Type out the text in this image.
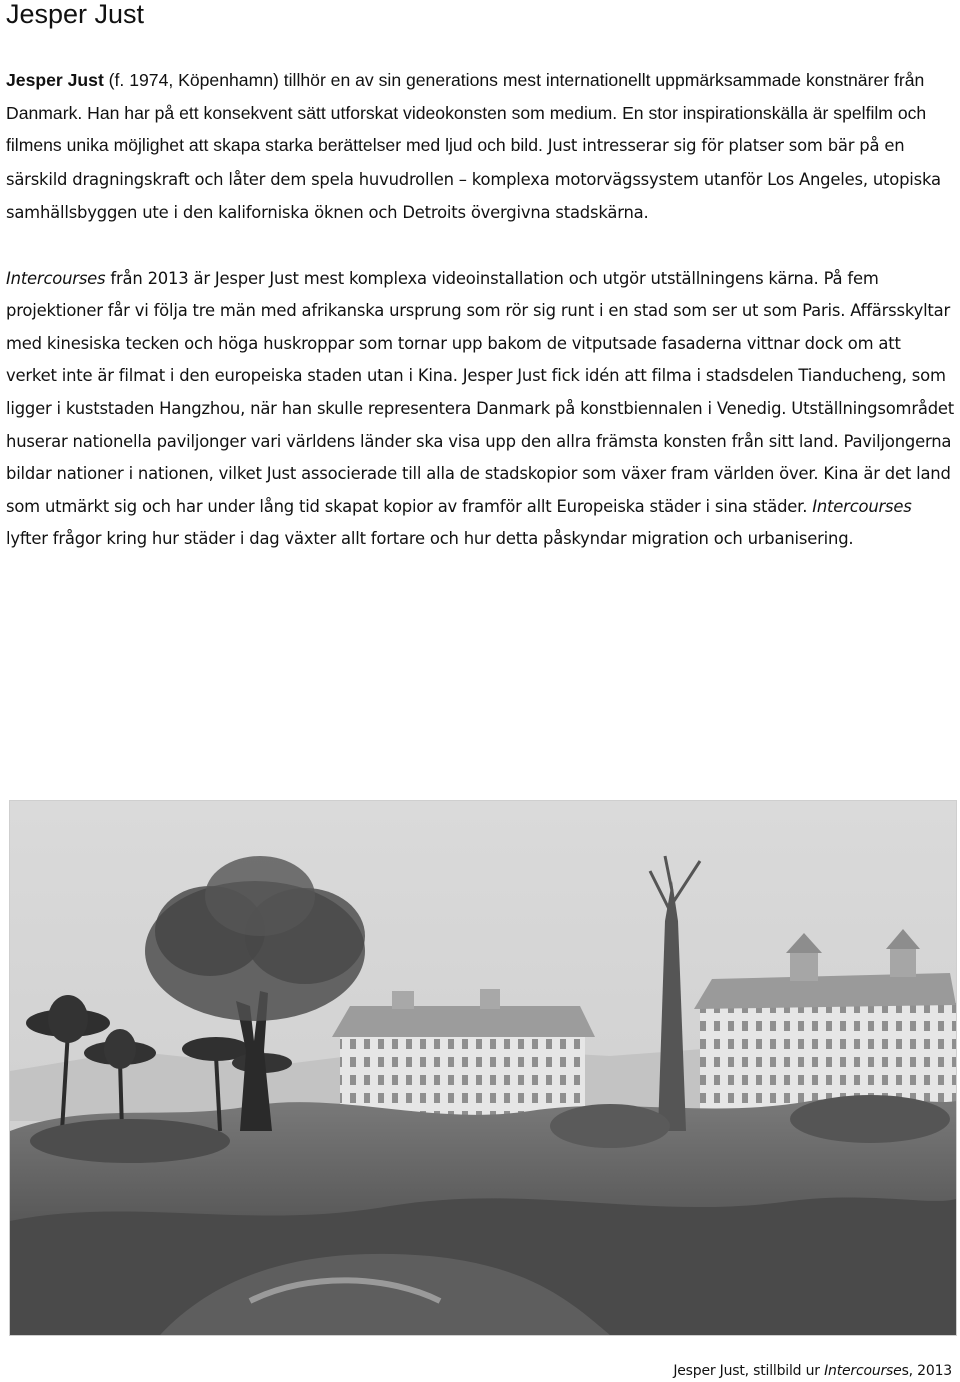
Jesper Just

Jesper Just (f. 1974, Köpenhamn) tillhör en av sin generations mest internationellt uppmärksammade konstnärer från Danmark. Han har på ett konsekvent sätt utforskat videokonsten som medium. En stor inspirationskälla är spelfilm och filmens unika möjlighet att skapa starka berättelser med ljud och bild. Just intresserar sig för platser som bär på en särskild dragningskraft och låter dem spela huvudrollen – komplexa motorvägssystem utanför Los Angeles, utopiska samhällsbyggen ute i den kaliforniska öknen och Detroits övergivna stadskärna.

Intercourses från 2013 är Jesper Just mest komplexa videoinstallation och utgör utställningens kärna. På fem projektioner får vi följa tre män med afrikanska ursprung som rör sig runt i en stad som ser ut som Paris. Affärsskyltar med kinesiska tecken och höga huskroppar som tornar upp bakom de vitputsade fasaderna vittnar dock om att verket inte är filmat i den europeiska staden utan i Kina. Jesper Just fick idén att filma i stadsdelen Tianducheng, som ligger i kuststaden Hangzhou, när han skulle representera Danmark på konstbiennalen i Venedig. Utställningsområdet huserar nationella paviljonger vari världens länder ska visa upp den allra främsta konsten från sitt land. Paviljongerna bildar nationer i nationen, vilket Just associerade till alla de stadskopior som växer fram världen över. Kina är det land som utmärkt sig och har under lång tid skapat kopior av framför allt Europeiska städer i sina städer. Intercourses lyfter frågor kring hur städer i dag växter allt fortare och hur detta påskyndar migration och urbanisering.

Jesper Just, stillbild ur Intercourses, 2013
